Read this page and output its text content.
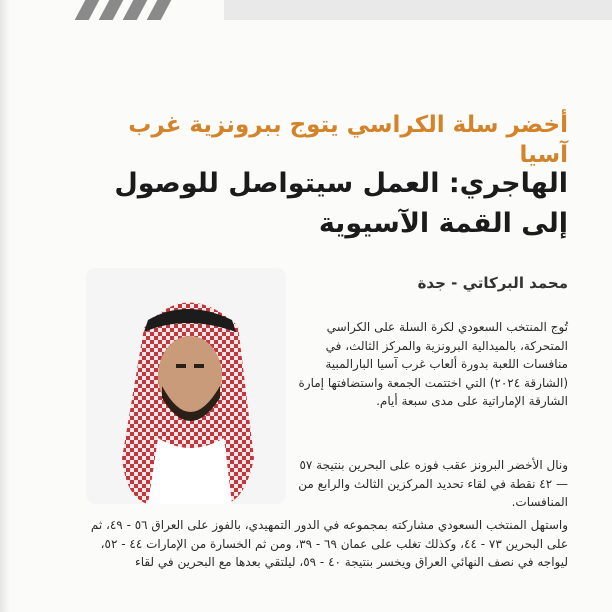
أخضر سلة الكراسي يتوج ببرونزية غرب آسيا
الهاجري: العمل سيتواصل للوصول
إلى القمة الآسيوية
محمد البركاتي - جدة
تُوج المنتخب السعودي لكرة السلة على الكراسي المتحركة، بالميدالية البرونزية والمركز الثالث، في منافسات اللعبة بدورة ألعاب غرب آسيا البارالمبية (الشارقة ٢٠٢٤) التي اختتمت الجمعة واستضافتها إمارة الشارقة الإماراتية على مدى سبعة أيام.
ونال الأخضر البرونز عقب فوزه على البحرين بنتيجة ٥٧ — ٤٢ نقطة في لقاء تحديد المركزين الثالث والرابع من المنافسات.
واستهل المنتخب السعودي مشاركته بمجموعه في الدور التمهيدي، بالفوز على العراق ٥٦ - ٤٩، ثم على البحرين ٧٣ - ٤٤، وكذلك تغلب على عمان ٦٩ - ٣٩، ومن ثم الخسارة من الإمارات ٤٤ - ٥٢، ليواجه في نصف النهائي العراق ويخسر بنتيجة ٤٠ - ٥٩، ليلتقي بعدها مع البحرين في لقاء
